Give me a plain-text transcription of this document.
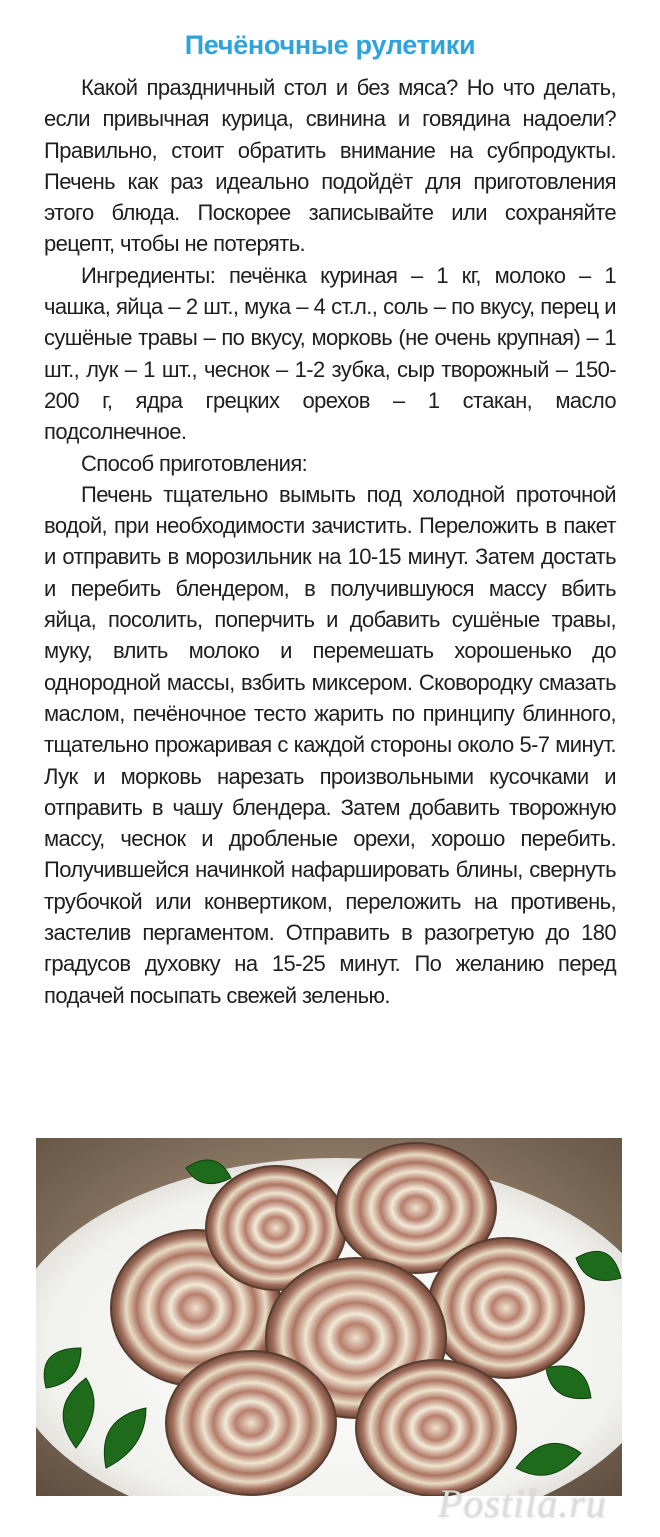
Печёночные рулетики

Какой праздничный стол и без мяса? Но что делать, если привычная курица, свинина и говядина надоели? Правильно, стоит обратить внимание на субпродукты. Печень как раз идеально подойдёт для приготовления этого блюда. Поскорее записывайте или сохраняйте рецепт, чтобы не потерять.

Ингредиенты: печёнка куриная – 1 кг, молоко – 1 чашка, яйца – 2 шт., мука – 4 ст.л., соль – по вкусу, перец и сушёные травы – по вкусу, морковь (не очень крупная) – 1 шт., лук – 1 шт., чеснок – 1-2 зубка, сыр творожный – 150-200 г, ядра грецких орехов – 1 стакан, масло подсолнечное.

Способ приготовления:

Печень тщательно вымыть под холодной проточной водой, при необходимости зачистить. Переложить в пакет и отправить в морозильник на 10-15 минут. Затем достать и перебить блендером, в получившуюся массу вбить яйца, посолить, поперчить и добавить сушёные травы, муку, влить молоко и перемешать хорошенько до однородной массы, взбить миксером. Сковородку смазать маслом, печёночное тесто жарить по принципу блинного, тщательно прожаривая с каждой стороны около 5-7 минут. Лук и морковь нарезать произвольными кусочками и отправить в чашу блендера. Затем добавить творожную массу, чеснок и дробленые орехи, хорошо перебить. Получившейся начинкой нафаршировать блины, свернуть трубочкой или конвертиком, переложить на противень, застелив пергаментом. Отправить в разогретую до 180 градусов духовку на 15-25 минут. По желанию перед подачей посыпать свежей зеленью.

Postila.ru
